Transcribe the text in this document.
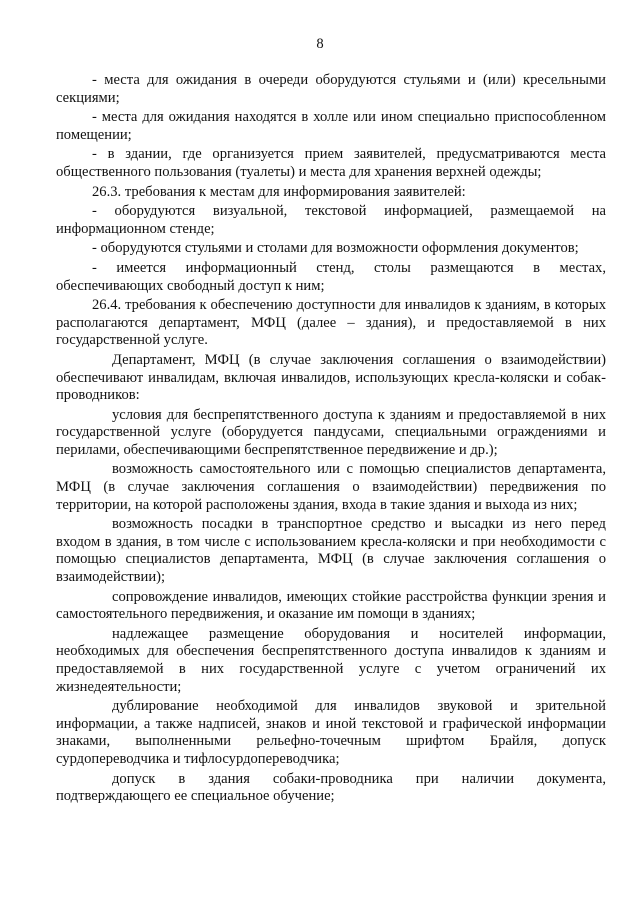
8

- места для ожидания в очереди оборудуются стульями и (или) кресельными секциями;

- места для ожидания находятся в холле или ином специально приспособленном помещении;

- в здании, где организуется прием заявителей, предусматриваются места общественного пользования (туалеты) и места для хранения верхней одежды;

26.3. требования к местам для информирования заявителей:

- оборудуются визуальной, текстовой информацией, размещаемой на информационном стенде;

- оборудуются стульями и столами для возможности оформления документов;

- имеется информационный стенд, столы размещаются в местах, обеспечивающих свободный доступ к ним;

26.4. требования к обеспечению доступности для инвалидов к зданиям, в которых располагаются департамент, МФЦ (далее – здания), и предоставляемой в них государственной услуге.

Департамент, МФЦ (в случае заключения соглашения о взаимодействии) обеспечивают инвалидам, включая инвалидов, использующих кресла-коляски и собак-проводников:

условия для беспрепятственного доступа к зданиям и предоставляемой в них государственной услуге (оборудуется пандусами, специальными ограждениями и перилами, обеспечивающими беспрепятственное передвижение и др.);

возможность самостоятельного или с помощью специалистов департамента, МФЦ (в случае заключения соглашения о взаимодействии) передвижения по территории, на которой расположены здания, входа в такие здания и выхода из них;

возможность посадки в транспортное средство и высадки из него перед входом в здания, в том числе с использованием кресла-коляски и при необходимости с помощью специалистов департамента, МФЦ (в случае заключения соглашения о взаимодействии);

сопровождение инвалидов, имеющих стойкие расстройства функции зрения и самостоятельного передвижения, и оказание им помощи в зданиях;

надлежащее размещение оборудования и носителей информации, необходимых для обеспечения беспрепятственного доступа инвалидов к зданиям и предоставляемой в них государственной услуге с учетом ограничений их жизнедеятельности;

дублирование необходимой для инвалидов звуковой и зрительной информации, а также надписей, знаков и иной текстовой и графической информации знаками, выполненными рельефно-точечным шрифтом Брайля, допуск сурдопереводчика и тифлосурдопереводчика;

допуск в здания собаки-проводника при наличии документа, подтверждающего ее специальное обучение;
